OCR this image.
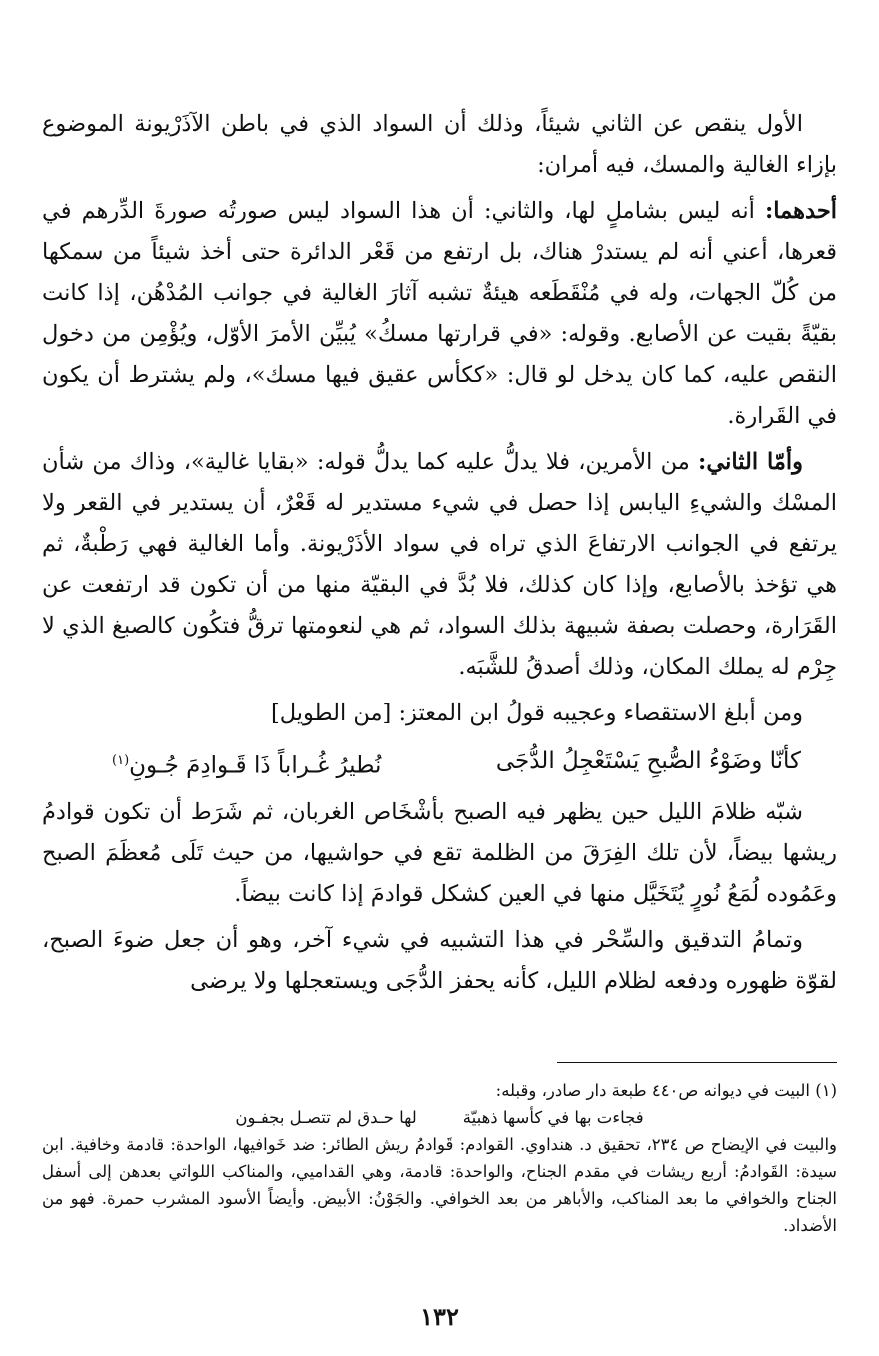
الأول ينقص عن الثاني شيئاً، وذلك أن السواد الذي في باطن الآذَرْيونة الموضوع بإزاء الغالية والمسك، فيه أمران:

أحدهما: أنه ليس بشاملٍ لها، والثاني: أن هذا السواد ليس صورتُه صورةَ الدِّرهم في قعرها، أعني أنه لم يستدرْ هناك، بل ارتفع من قَعْر الدائرة حتى أخذ شيئاً من سمكها من كُلّ الجهات، وله في مُنْقَطَعه هيئةٌ تشبه آثارَ الغالية في جوانب المُدْهُن، إذا كانت بقيّةً بقيت عن الأصابع. وقوله: «في قرارتها مسكُ» يُبيِّن الأمرَ الأوّل، ويُؤْمِن من دخول النقص عليه، كما كان يدخل لو قال: «ككأس عقيق فيها مسك»، ولم يشترط أن يكون في القَرارة.

وأمّا الثاني: من الأمرين، فلا يدلُّ عليه كما يدلُّ قوله: «بقايا غالية»، وذاك من شأن المسْك والشيءِ اليابس إذا حصل في شيء مستدير له قَعْرٌ، أن يستدير في القعر ولا يرتفع في الجوانب الارتفاعَ الذي تراه في سواد الأذَرْيونة. وأما الغالية فهي رَطْبةٌ، ثم هي تؤخذ بالأصابع، وإذا كان كذلك، فلا بُدَّ في البقيّة منها من أن تكون قد ارتفعت عن القَرَارة، وحصلت بصفة شبيهة بذلك السواد، ثم هي لنعومتها ترقُّ فتكُون كالصبغ الذي لا جِرْم له يملك المكان، وذلك أصدقُ للشَّبَه.

ومن أبلغ الاستقصاء وعجيبه قولُ ابن المعتز: [من الطويل]

كأنّا وضَوْءُ الصُّبحِ يَسْتَعْجِلُ الدُّجَى
نُطيرُ غُـراباً ذَا قَـوادِمَ جُـونِ$^{(١)}$

شبّه ظلامَ الليل حين يظهر فيه الصبح بأشْخَاص الغربان، ثم شَرَط أن تكون قوادمُ ريشها بيضاً، لأن تلك الفِرَقَ من الظلمة تقع في حواشيها، من حيث تَلَى مُعظَمَ الصبح وعَمُوده لُمَعُ نُورٍ يُتَخَيَّل منها في العين كشكل قوادمَ إذا كانت بيضاً.

وتمامُ التدقيق والسِّحْر في هذا التشبيه في شيء آخر، وهو أن جعل ضوءَ الصبح، لقوّة ظهوره ودفعه لظلام الليل، كأنه يحفز الدُّجَى ويستعجلها ولا يرضى

(١) البيت في ديوانه ص٤٤٠ طبعة دار صادر، وقبله:

فجاءت بها في كأسها ذهبيّة
لها حـدق لم تتصـل بجفـون

والبيت في الإيضاح ص ٢٣٤، تحقيق د. هنداوي. القوادم: قَوادمُ ريش الطائر: ضد خَوافيها، الواحدة: قادمة وخافية. ابن سيدة: القَوادمُ: أربع ريشات في مقدم الجناح، والواحدة: قادمة، وهي القداميي، والمناكب اللواتي بعدهن إلى أسفل الجناح والخوافي ما بعد المناكب، والأباهر من بعد الخوافي. والجَوْنُ: الأبيض. وأيضاً الأسود المشرب حمرة. فهو من الأضداد.

١٣٢
